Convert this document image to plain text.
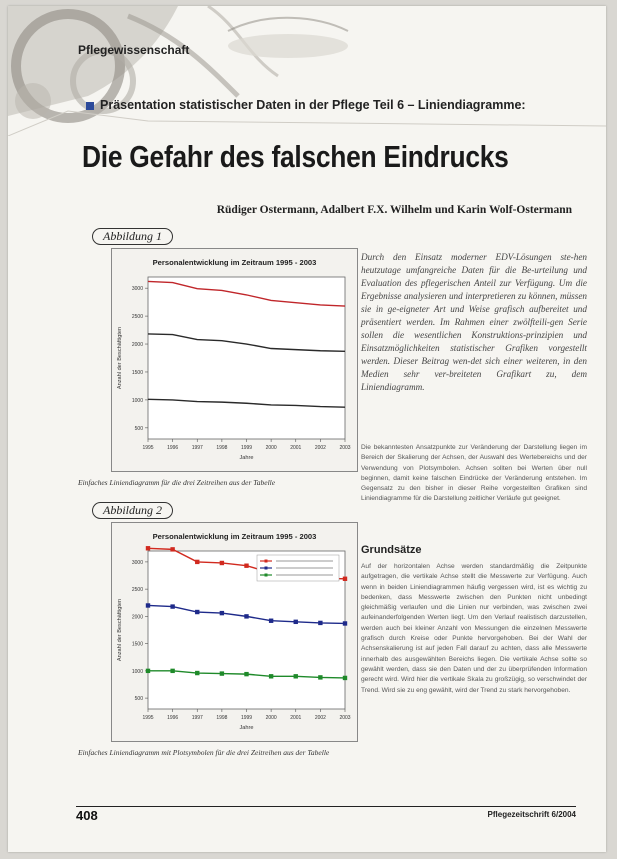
Pflegewissenschaft
Präsentation statistischer Daten in der Pflege Teil 6 – Liniendiagramme:
Die Gefahr des falschen Eindrucks
Rüdiger Ostermann, Adalbert F.X. Wilhelm und Karin Wolf-Ostermann
Abbildung 1
Personalentwicklung im Zeitraum 1995 - 2003
500
1000
1500
2000
2500
3000
1995	1996	1997	1998	1999	2000	2001	2002	2003
Jahre
Anzahl der Beschäftigten
Einfaches Liniendiagramm für die drei Zeitreihen aus der Tabelle
Abbildung 2
Personalentwicklung im Zeitraum 1995 - 2003
500
1000
1500
2000
2500
3000
1995	1996	1997	1998	1999	2000	2001	2002	2003
Jahre
Anzahl der Beschäftigten
Einfaches Liniendiagramm mit Plotsymbolen für die drei Zeitreihen aus der Tabelle
Durch den Einsatz moderner EDV-Lösungen ste-hen heutzutage umfangreiche Daten für die Be-urteilung und Evaluation des pflegerischen Anteil zur Verfügung. Um die Ergebnisse analysieren und interpretieren zu können, müssen sie in ge-eigneter Art und Weise grafisch aufbereitet und präsentiert werden. Im Rahmen einer zwölfteili-gen Serie sollen die wesentlichen Konstruktions-prinzipien und Einsatzmöglichkeiten statistischer Grafiken vorgestellt werden. Dieser Beitrag wen-det sich einer weiteren, in den Medien sehr ver-breiteten Grafikart zu, dem Liniendiagramm.
Die bekanntesten Ansatzpunkte zur Veränderung der Darstellung liegen im Bereich der Skalierung der Achsen, der Auswahl des Wertebereichs und der Verwendung von Plotsymbolen. Achsen sollten bei Werten über null beginnen, damit keine falschen Eindrücke der Veränderung entstehen. Im Gegensatz zu den bisher in dieser Reihe vorgestellten Grafiken sind Liniendiagramme für die Darstellung zeitlicher Verläufe gut geeignet.
Grundsätze
Auf der horizontalen Achse werden standardmäßig die Zeitpunkte aufgetragen, die vertikale Achse stellt die Messwerte zur Verfügung. Auch wenn in beiden Liniendiagrammen häufig vergessen wird, ist es wichtig zu bedenken, dass Messwerte zwischen den Punkten nicht unbedingt gleichmäßig verlaufen und die Linien nur verbinden, was zwischen zwei aufeinanderfolgenden Werten liegt. Um den Verlauf realistisch darzustellen, werden auch bei kleiner Anzahl von Messungen die einzelnen Messwerte grafisch durch Kreise oder Punkte hervorgehoben. Bei der Wahl der Achsenskalierung ist auf jeden Fall darauf zu achten, dass alle Messwerte innerhalb des ausgewählten Bereichs liegen. Die vertikale Achse sollte so gewählt werden, dass sie den Daten und der zu überprüfenden Information gerecht wird. Wird hier die vertikale Skala zu großzügig, so verschwindet der Trend. Wird sie zu eng gewählt, wird der Trend zu stark hervorgehoben.
408	Pflegezeitschrift 6/2004
